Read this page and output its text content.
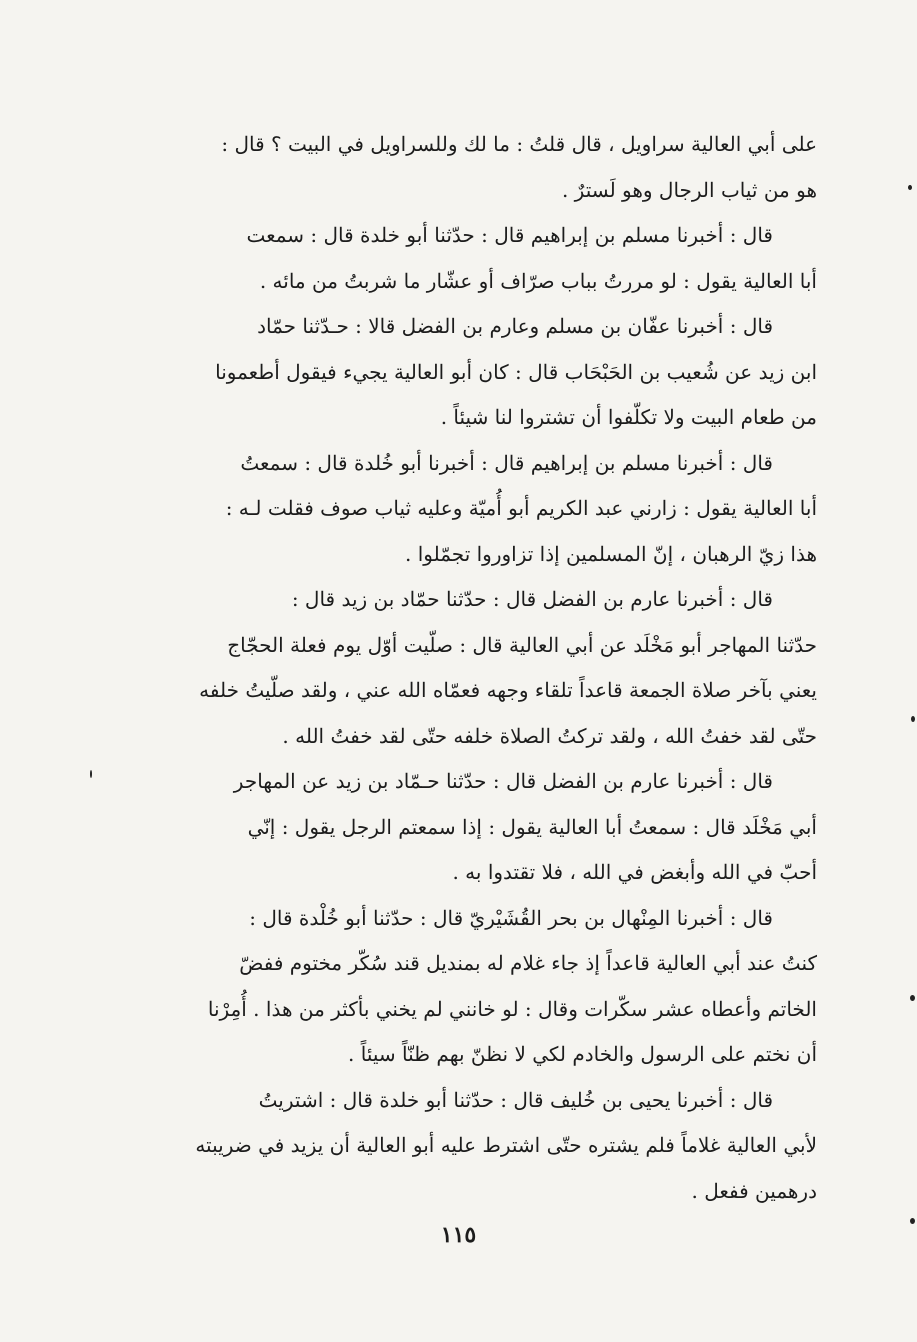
على أبي العالية سراويل ، قال قلتُ : ما لك وللسراويل في البيت ؟ قال :
هو من ثياب الرجال وهو لَسترٌ .
قال : أخبرنا مسلم بن إبراهيم قال : حدّثنا أبو خلدة قال : سمعت
أبا العالية يقول : لو مررتُ بباب صرّاف أو عشّار ما شربتُ من مائه .
قال : أخبرنا عفّان بن مسلم وعارم بن الفضل قالا : حـدّثنا حمّاد
ابن زيد عن شُعيب بن الحَبْحَاب قال : كان أبو العالية يجيء فيقول أطعمونا
من طعام البيت ولا تكلّفوا أن تشتروا لنا شيئاً .
قال : أخبرنا مسلم بن إبراهيم قال : أخبرنا أبو خُلدة قال : سمعتُ
أبا العالية يقول : زارني عبد الكريم أبو أُميّة وعليه ثياب صوف فقلت لـه :
هذا زيّ الرهبان ، إنّ المسلمين إذا تزاوروا تجمّلوا .
قال : أخبرنا عارم بن الفضل قال : حدّثنا حمّاد بن زيد قال :
حدّثنا المهاجر أبو مَخْلَد عن أبي العالية قال : صلّيت أوّل يوم فعلة الحجّاج
يعني بآخر صلاة الجمعة قاعداً تلقاء وجهه فعمّاه الله عني ، ولقد صلّيتُ خلفه
حتّى لقد خفتُ الله ، ولقد تركتُ الصلاة خلفه حتّى لقد خفتُ الله .
قال : أخبرنا عارم بن الفضل قال : حدّثنا حـمّاد بن زيد عن المهاجر
أبي مَخْلَد قال : سمعتُ أبا العالية يقول : إذا سمعتم الرجل يقول : إنّي
أحبّ في الله وأبغض في الله ، فلا تقتدوا به .
قال : أخبرنا المِنْهال بن بحر القُشَيْريّ قال : حدّثنا أبو خُلْدة قال :
كنتُ عند أبي العالية قاعداً إذ جاء غلام له بمنديل قند سُكّر مختوم ففضّ
الخاتم وأعطاه عشر سكّرات وقال : لو خانني لم يخني بأكثر من هذا . أُمِرْنا
أن نختم على الرسول والخادم لكي لا نظنّ بهم ظنّاً سيئاً .
قال : أخبرنا يحيى بن خُليف قال : حدّثنا أبو خلدة قال : اشتريتُ
لأبي العالية غلاماً فلم يشتره حتّى اشترط عليه أبو العالية أن يزيد في ضريبته
درهمين ففعل .
١١٥
